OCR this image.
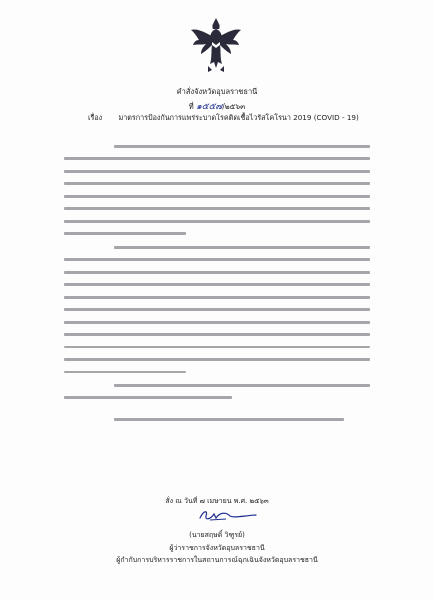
คำสั่งจังหวัดอุบลราชธานี
ที่ ๑๕๕๗/๒๕๖๓
เรื่อง มาตรการป้องกันการแพร่ระบาดโรคติดเชื้อไวรัสโคโรนา 2019 (COVID - 19)
สั่ง ณ วันที่ ๗ เมษายน พ.ศ. ๒๕๖๓
(นายสฤษดิ์ วิฑูรย์)
ผู้ว่าราชการจังหวัดอุบลราชธานี
ผู้กำกับการบริหารราชการในสถานการณ์ฉุกเฉินจังหวัดอุบลราชธานี
